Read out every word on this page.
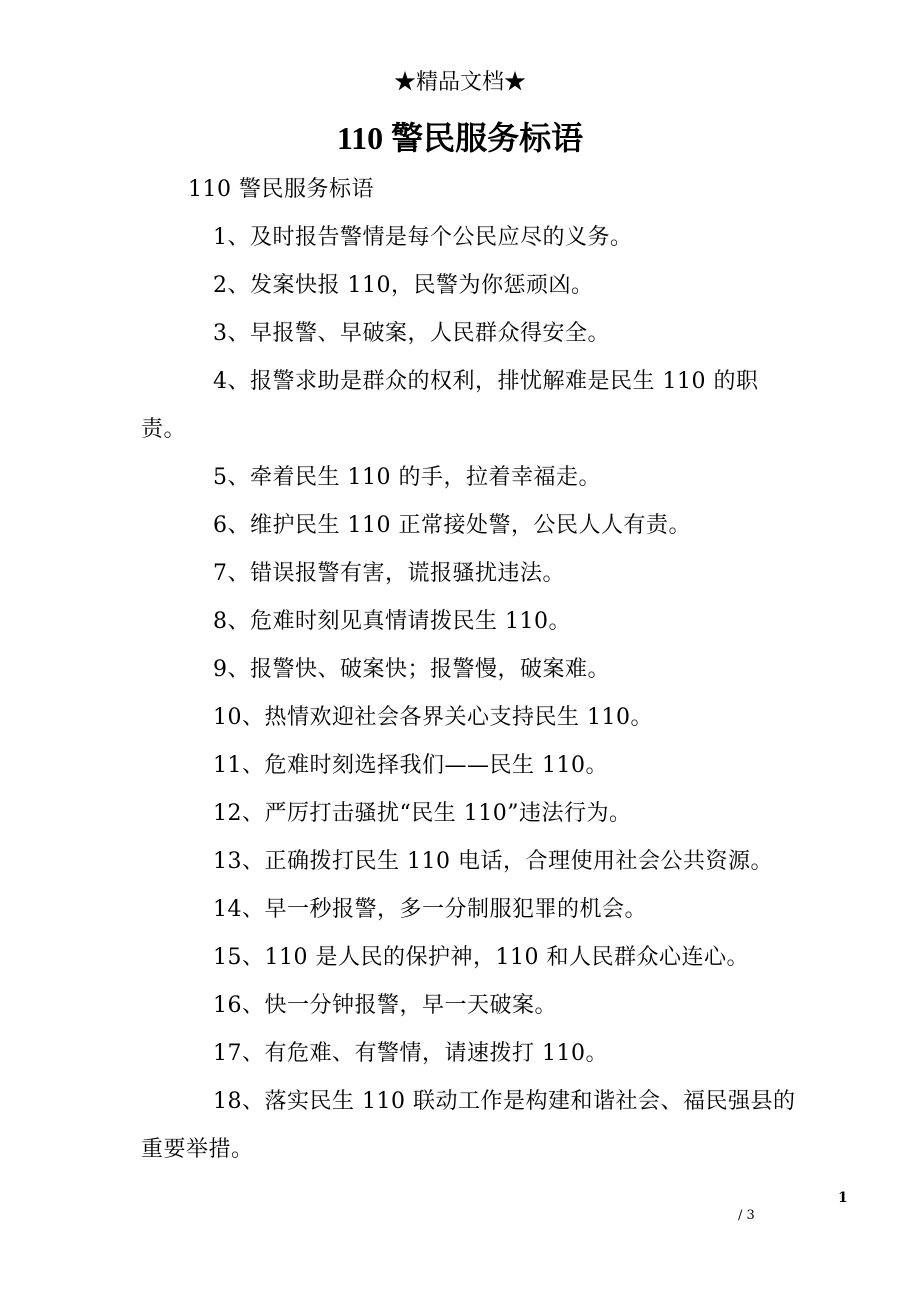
★精品文档★
110 警民服务标语

110 警民服务标语

1、及时报告警情是每个公民应尽的义务。

2、发案快报 110，民警为你惩顽凶。

3、早报警、早破案，人民群众得安全。

4、报警求助是群众的权利，排忧解难是民生 110 的职责。

5、牵着民生 110 的手，拉着幸福走。

6、维护民生 110 正常接处警，公民人人有责。

7、错误报警有害，谎报骚扰违法。

8、危难时刻见真情请拨民生 110。

9、报警快、破案快；报警慢，破案难。

10、热情欢迎社会各界关心支持民生 110。

11、危难时刻选择我们——民生 110。

12、严厉打击骚扰“民生 110”违法行为。

13、正确拨打民生 110 电话，合理使用社会公共资源。

14、早一秒报警，多一分制服犯罪的机会。

15、110 是人民的保护神，110 和人民群众心连心。

16、快一分钟报警，早一天破案。

17、有危难、有警情，请速拨打 110。

18、落实民生 110 联动工作是构建和谐社会、福民强县的重要举措。

1
/ 3
